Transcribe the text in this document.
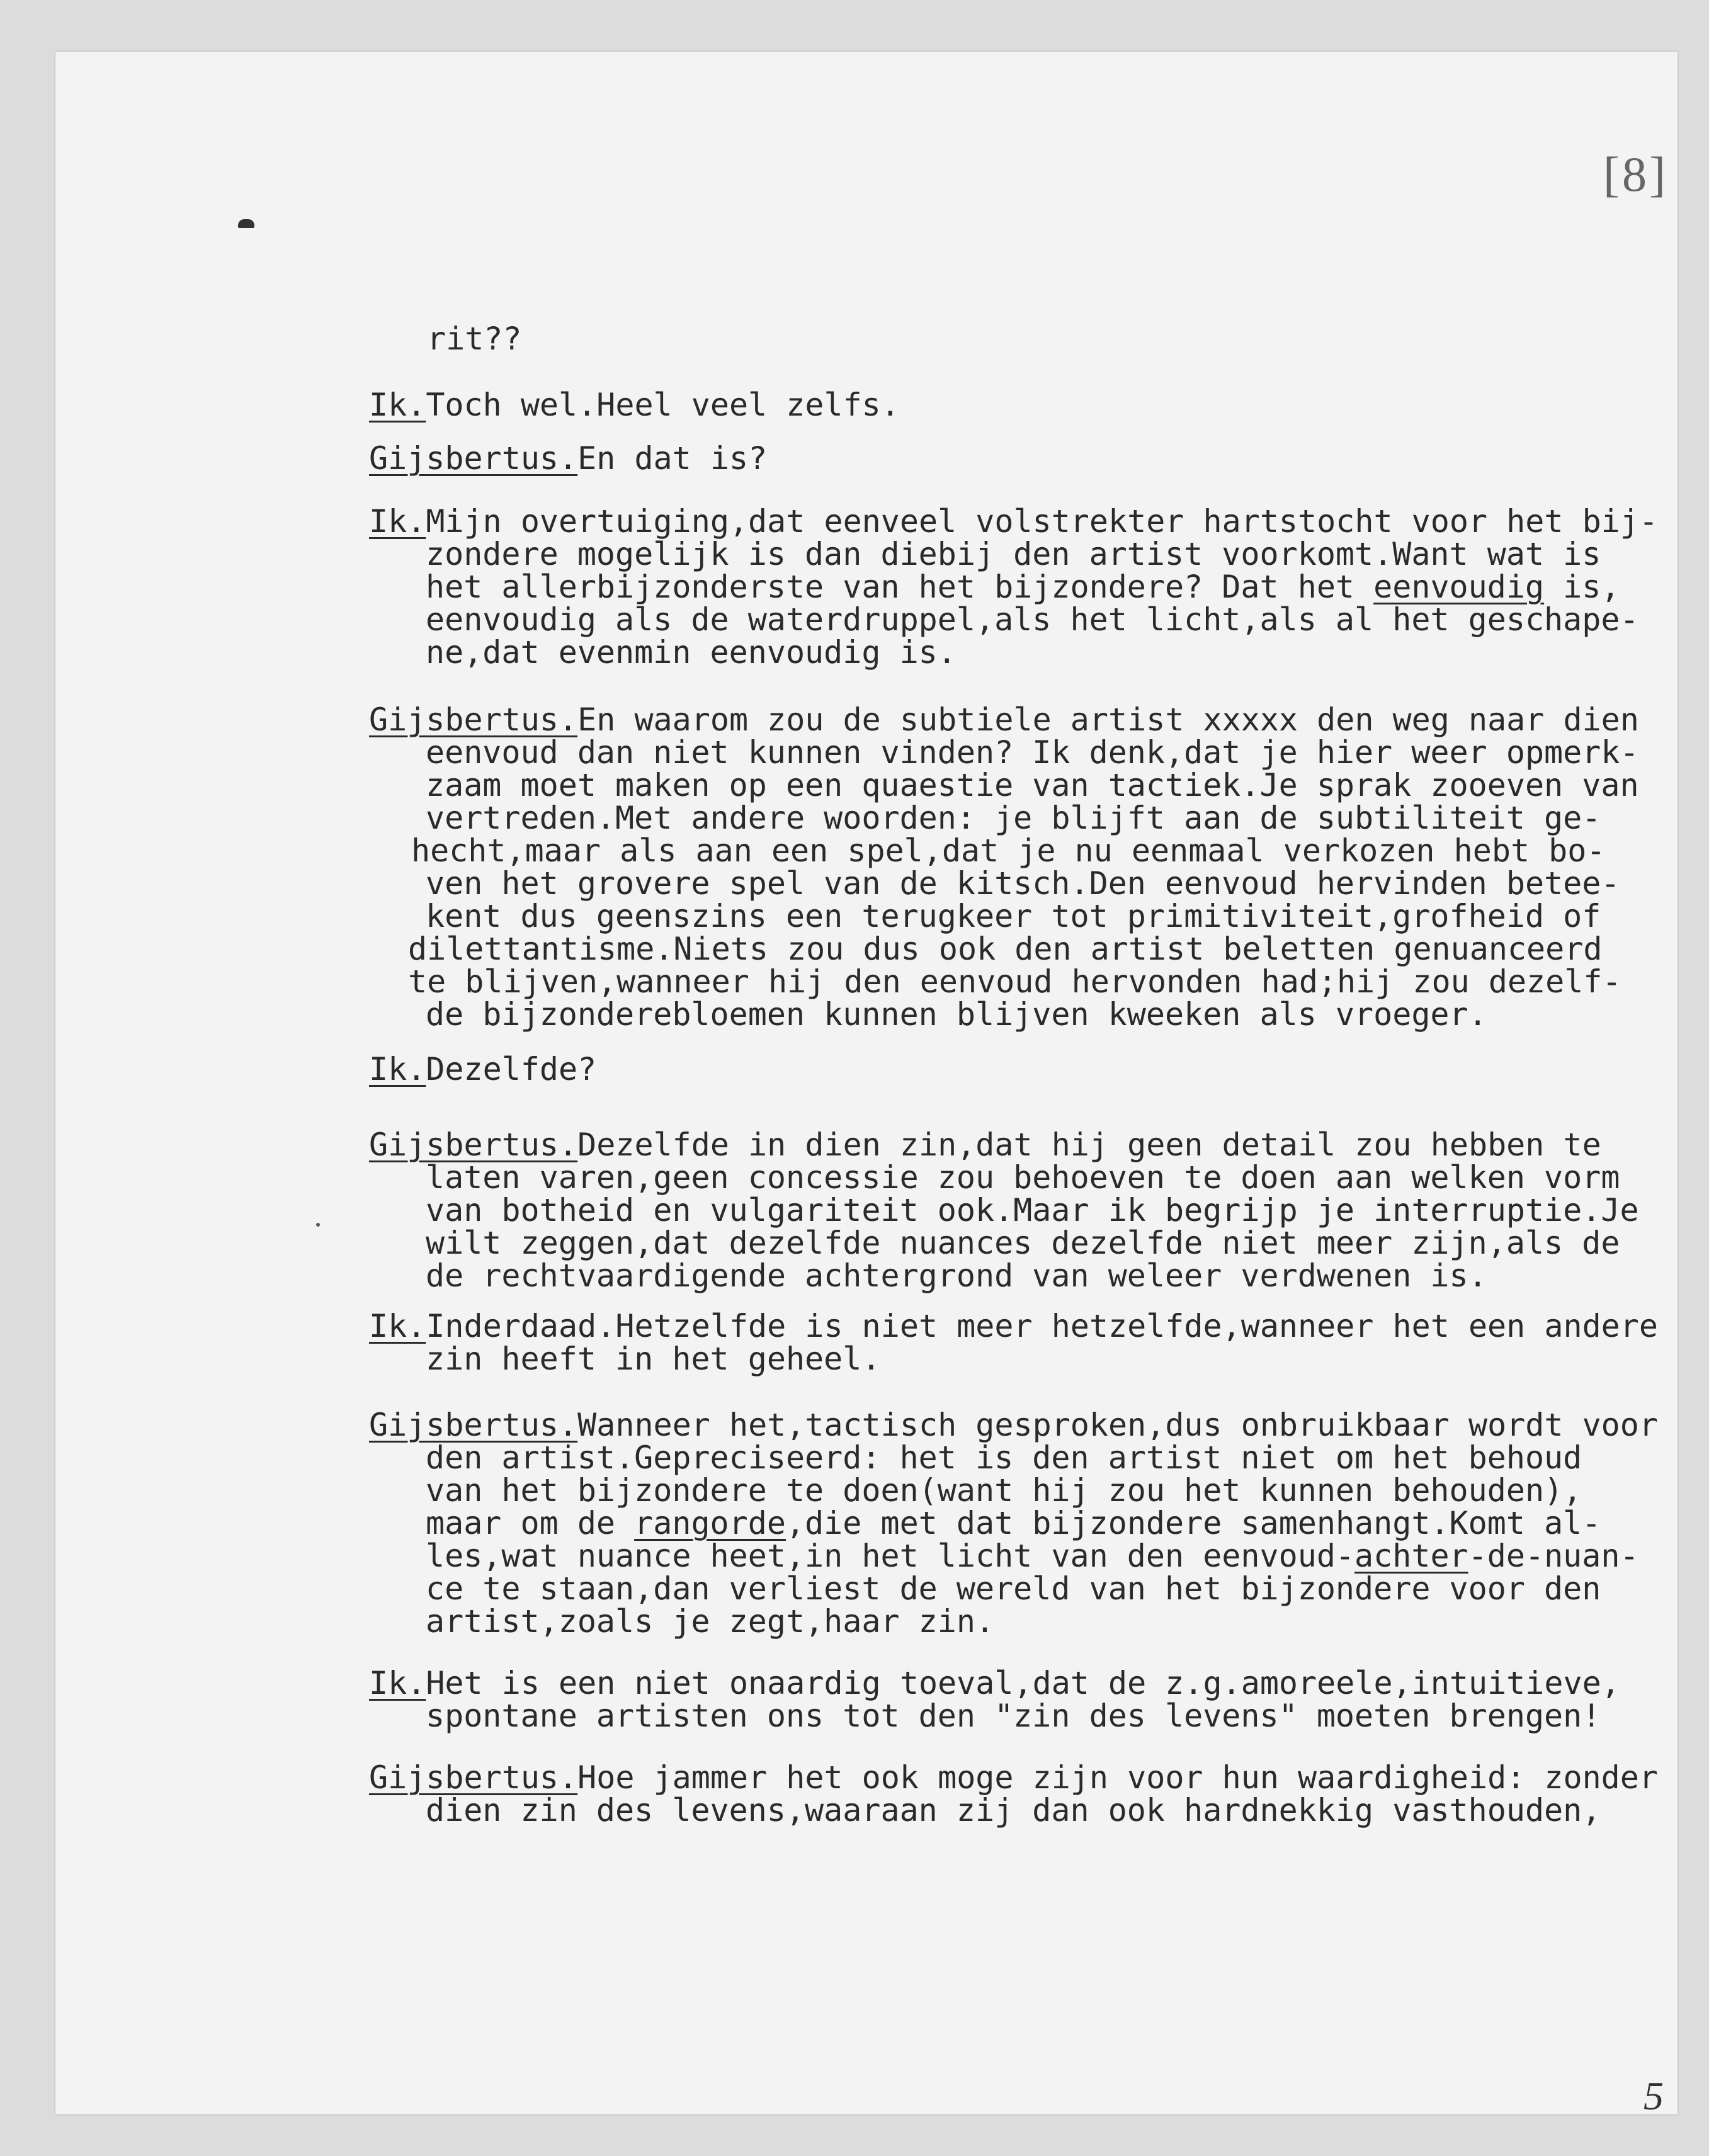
[8]
5
rit??
Ik.Toch wel.Heel veel zelfs.
Gijsbertus.En dat is?
Ik.Mijn overtuiging,dat eenveel volstrekter hartstocht voor het bij-
zondere mogelijk is dan diebij den artist voorkomt.Want wat is
het allerbijzonderste van het bijzondere? Dat het eenvoudig is,
eenvoudig als de waterdruppel,als het licht,als al het geschape-
ne,dat evenmin eenvoudig is.
Gijsbertus.En waarom zou de subtiele artist xxxxx den weg naar dien
eenvoud dan niet kunnen vinden? Ik denk,dat je hier weer opmerk-
zaam moet maken op een quaestie van tactiek.Je sprak zooeven van
vertreden.Met andere woorden: je blijft aan de subtiliteit ge-
hecht,maar als aan een spel,dat je nu eenmaal verkozen hebt bo-
ven het grovere spel van de kitsch.Den eenvoud hervinden betee-
kent dus geenszins een terugkeer tot primitiviteit,grofheid of
dilettantisme.Niets zou dus ook den artist beletten genuanceerd
te blijven,wanneer hij den eenvoud hervonden had;hij zou dezelf-
de bijzonderebloemen kunnen blijven kweeken als vroeger.
Ik.Dezelfde?
Gijsbertus.Dezelfde in dien zin,dat hij geen detail zou hebben te
laten varen,geen concessie zou behoeven te doen aan welken vorm
van botheid en vulgariteit ook.Maar ik begrijp je interruptie.Je
wilt zeggen,dat dezelfde nuances dezelfde niet meer zijn,als de
de rechtvaardigende achtergrond van weleer verdwenen is.
Ik.Inderdaad.Hetzelfde is niet meer hetzelfde,wanneer het een andere
zin heeft in het geheel.
Gijsbertus.Wanneer het,tactisch gesproken,dus onbruikbaar wordt voor
den artist.Gepreciseerd: het is den artist niet om het behoud
van het bijzondere te doen(want hij zou het kunnen behouden),
maar om de rangorde,die met dat bijzondere samenhangt.Komt al-
les,wat nuance heet,in het licht van den eenvoud-achter-de-nuan-
ce te staan,dan verliest de wereld van het bijzondere voor den
artist,zoals je zegt,haar zin.
Ik.Het is een niet onaardig toeval,dat de z.g.amoreele,intuitieve,
spontane artisten ons tot den "zin des levens" moeten brengen!
Gijsbertus.Hoe jammer het ook moge zijn voor hun waardigheid: zonder
dien zin des levens,waaraan zij dan ook hardnekkig vasthouden,
